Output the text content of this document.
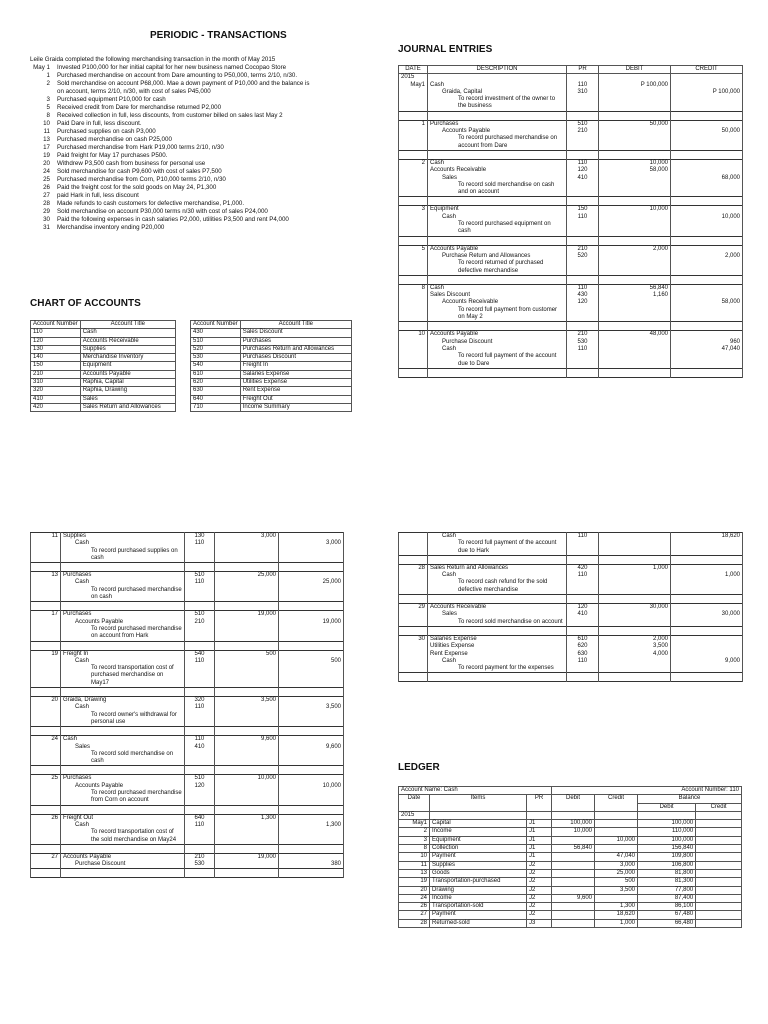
PERIODIC - TRANSACTIONS
Leile Graida completed the following merchandising transaction in the month of May 2015
May 1 Invested P100,000 for her initial capital for her new business named Cocopao Store
1 Purchased merchandise on account from Dare amounting to P50,000, terms 2/10, n/30.
2 Sold merchandise on account P68,000. Mae a down payment of P10,000 and the balance is
on account, terms 2/10, n/30, with cost of sales P45,000
3 Purchased equipment P10,000 for cash
5 Received credit from Dare for merchandise returned P2,000
8 Received collection in full, less discounts, from customer billed on sales last May 2
10 Paid Dare in full, less discount.
11 Purchased supplies on cash P3,000
13 Purchased merchandise on cash P25,000
17 Purchased merchandise from Hark P19,000 terms 2/10, n/30
19 Paid freight for May 17 purchases P500.
20 Withdrew P3,500 cash from business for personal use
24 Sold merchandise for cash P9,600 with cost of sales P7,500
25 Purchased merchandise from Corn, P10,000 terms 2/10, n/30
26 Paid the freight cost for the sold goods on May 24, P1,300
27 paid Hark in full, less discount
28 Made refunds to cash customers for defective merchandise, P1,000.
29 Sold merchandise on account P30,000 terms n/30 with cost of sales P24,000
30 Paid the following expenses in cash salaries P2,000, utilities P3,500 and rent P4,000
31 Merchandise inventory ending P20,000
CHART OF ACCOUNTS
Account Number	Account Title
110	Cash
120	Accounts Receivable
130	Supplies
140	Merchandise Inventory
150	Equipment
210	Accounts Payable
310	Raphia, Capital
320	Raphia, Drawing
410	Sales
420	Sales Return and Allowances
Account Number	Account Title
430	Sales Discount
510	Purchases
520	Purchases Return and Allowances
530	Purchases Discount
540	Freight In
610	Salaries Expense
620	Utilities Expense
630	Rent Expense
640	Freight Out
710	Income Summary
JOURNAL ENTRIES
DATE	DESCRIPTION	PR	DEBIT	CREDIT
2015				
May1	Cash	110	P 100,000	
	Graida, Capital	310		P 100,000
	To record investment of the owner to the business			

1	Purchases	510	50,000	
	Accounts Payable	210		50,000
	To record purchased merchandise on account from Dare			

2	Cash	110	10,000	
	Accounts Receivable	120	58,000	
	Sales	410		68,000
	To record sold merchandise on cash and on account			

3	Equipment	150	10,000	
	Cash	110		10,000
	To record purchased equipment on cash			

5	Accounts Payable	210	2,000	
	Purchase Return and Allowances	520		2,000
	To record returned of purchased defective merchandise			

8	Cash	110	56,840	
	Sales Discount	430	1,160	
	Accounts Receivable	120		58,000
	To record full payment from customer on May 2			

10	Accounts Payable	210	48,000	
	Purchase Discount	530		960
	Cash	110		47,040
	To record full payment of the account due to Dare			

11	Supplies	130	3,000	
	Cash	110		3,000
	To record purchased supplies on cash			

13	Purchases	510	25,000	
	Cash	110		25,000
	To record purchased merchandise on cash			

17	Purchases	510	19,000	
	Accounts Payable	210		19,000
	To record purchased merchandise on account from Hark			

19	Freight In	540	500	
	Cash	110		500
	To record transportation cost of purchased merchandise on May17			

20	Graida, Drawing	320	3,500	
	Cash	110		3,500
	To record owner's withdrawal for personal use			

24	Cash	110	9,600	
	Sales	410		9,600
	To record sold merchandise on cash			

25	Purchases	510	10,000	
	Accounts Payable	120		10,000
	To record purchased merchandise from Corn on account			

26	Freight Out	640	1,300	
	Cash	110		1,300
	To record transportation cost of the sold merchandise on May24			

27	Accounts Payable	210	19,000	
	Purchase Discount	530		380

	Cash	110		18,620
	To record full payment of the account due to Hark			

28	Sales Return and Allowances	420	1,000	
	Cash	110		1,000
	To record cash refund for the sold defective merchandise			

29	Accounts Receivable	120	30,000	
	Sales	410		30,000
	To record sold merchandise on account			

30	Salaries Expense	610	2,000	
	Utilities Expense	620	3,500	
	Rent Expense	630	4,000	
	Cash	110		9,000
	To record payment for the expenses			

LEDGER
Account Name: Cash			Account Number: 110			
Date	Items	PR	Debit	Credit	Balance	
					Debit	Credit
2015						
May1	Capital	J1	100,000		100,000	
2	Income	J1	10,000		110,000	
3	Equipment	J1		10,000	100,000	
8	Collection	J1	56,840		156,840	
10	Payment	J1		47,040	109,800	
11	Supplies	J2		3,000	106,800	
13	Goods	J2		25,000	81,800	
19	Transportation-purchased	J2		500	81,300	
20	Drawing	J2		3,500	77,800	
24	Income	J2	9,600		87,400	
26	Transportation-sold	J2		1,300	86,100	
27	Payment	J2		18,620	67,480	
28	Returned-sold	J3		1,000	66,480	
